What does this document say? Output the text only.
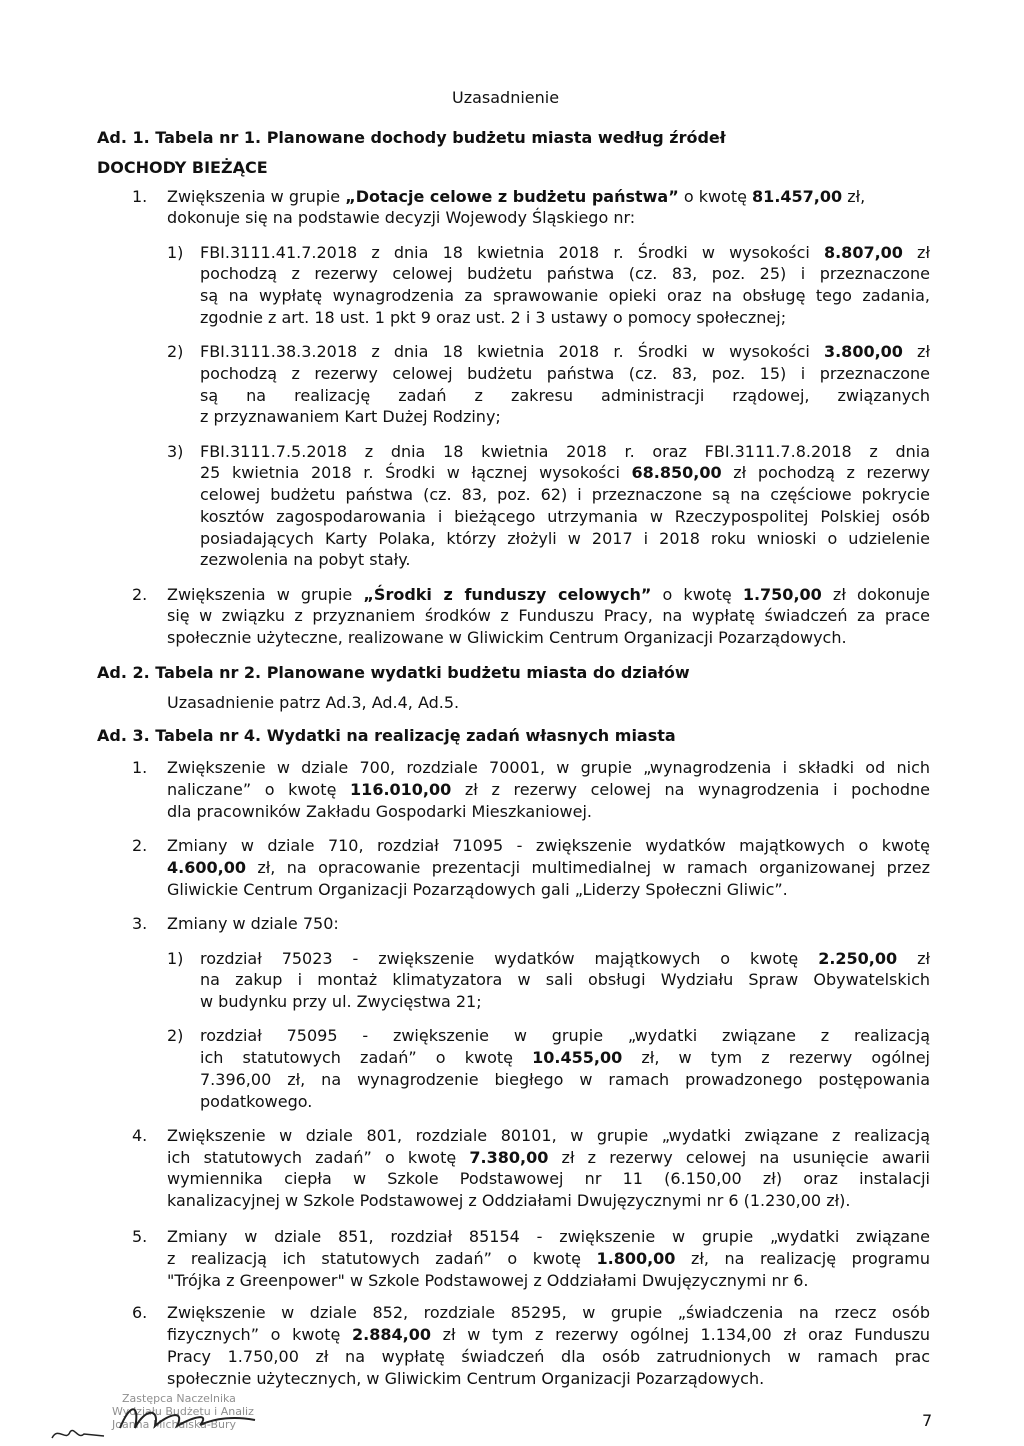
Uzasadnienie
Ad. 1. Tabela nr 1. Planowane dochody budżetu miasta według źródeł
DOCHODY BIEŻĄCE
1. Zwiększenia w grupie „Dotacje celowe z budżetu państwa” o kwotę 81.457,00 zł,
dokonuje się na podstawie decyzji Wojewody Śląskiego nr:
1) FBI.3111.41.7.2018 z dnia 18 kwietnia 2018 r. Środki w wysokości 8.807,00 zł
pochodzą z rezerwy celowej budżetu państwa (cz. 83, poz. 25) i przeznaczone
są na wypłatę wynagrodzenia za sprawowanie opieki oraz na obsługę tego zadania,
zgodnie z art. 18 ust. 1 pkt 9 oraz ust. 2 i 3 ustawy o pomocy społecznej;
2) FBI.3111.38.3.2018 z dnia 18 kwietnia 2018 r. Środki w wysokości 3.800,00 zł
pochodzą z rezerwy celowej budżetu państwa (cz. 83, poz. 15) i przeznaczone
są na realizację zadań z zakresu administracji rządowej, związanych
z przyznawaniem Kart Dużej Rodziny;
3) FBI.3111.7.5.2018 z dnia 18 kwietnia 2018 r. oraz FBI.3111.7.8.2018 z dnia
25 kwietnia 2018 r. Środki w łącznej wysokości 68.850,00 zł pochodzą z rezerwy
celowej budżetu państwa (cz. 83, poz. 62) i przeznaczone są na częściowe pokrycie
kosztów zagospodarowania i bieżącego utrzymania w Rzeczypospolitej Polskiej osób
posiadających Karty Polaka, którzy złożyli w 2017 i 2018 roku wnioski o udzielenie
zezwolenia na pobyt stały.
2. Zwiększenia w grupie „Środki z funduszy celowych” o kwotę 1.750,00 zł dokonuje
się w związku z przyznaniem środków z Funduszu Pracy, na wypłatę świadczeń za prace
społecznie użyteczne, realizowane w Gliwickim Centrum Organizacji Pozarządowych.
Ad. 2. Tabela nr 2. Planowane wydatki budżetu miasta do działów
Uzasadnienie patrz Ad.3, Ad.4, Ad.5.
Ad. 3. Tabela nr 4. Wydatki na realizację zadań własnych miasta
1. Zwiększenie w dziale 700, rozdziale 70001, w grupie „wynagrodzenia i składki od nich
naliczane” o kwotę 116.010,00 zł z rezerwy celowej na wynagrodzenia i pochodne
dla pracowników Zakładu Gospodarki Mieszkaniowej.
2. Zmiany w dziale 710, rozdział 71095 - zwiększenie wydatków majątkowych o kwotę
4.600,00 zł, na opracowanie prezentacji multimedialnej w ramach organizowanej przez
Gliwickie Centrum Organizacji Pozarządowych gali „Liderzy Społeczni Gliwic”.
3. Zmiany w dziale 750:
1) rozdział 75023 - zwiększenie wydatków majątkowych o kwotę 2.250,00 zł
na zakup i montaż klimatyzatora w sali obsługi Wydziału Spraw Obywatelskich
w budynku przy ul. Zwycięstwa 21;
2) rozdział 75095 - zwiększenie w grupie „wydatki związane z realizacją
ich statutowych zadań” o kwotę 10.455,00 zł, w tym z rezerwy ogólnej
7.396,00 zł, na wynagrodzenie biegłego w ramach prowadzonego postępowania
podatkowego.
4. Zwiększenie w dziale 801, rozdziale 80101, w grupie „wydatki związane z realizacją
ich statutowych zadań” o kwotę 7.380,00 zł z rezerwy celowej na usunięcie awarii
wymiennika ciepła w Szkole Podstawowej nr 11 (6.150,00 zł) oraz instalacji
kanalizacyjnej w Szkole Podstawowej z Oddziałami Dwujęzycznymi nr 6 (1.230,00 zł).
5. Zmiany w dziale 851, rozdział 85154 - zwiększenie w grupie „wydatki związane
z realizacją ich statutowych zadań” o kwotę 1.800,00 zł, na realizację programu
"Trójka z Greenpower" w Szkole Podstawowej z Oddziałami Dwujęzycznymi nr 6.
6. Zwiększenie w dziale 852, rozdziale 85295, w grupie „świadczenia na rzecz osób
fizycznych” o kwotę 2.884,00 zł w tym z rezerwy ogólnej 1.134,00 zł oraz Funduszu
Pracy 1.750,00 zł na wypłatę świadczeń dla osób zatrudnionych w ramach prac
społecznie użytecznych, w Gliwickim Centrum Organizacji Pozarządowych.
Zastępca Naczelnika
Wydziału Budżetu i Analiz
Joanna Michalska-Bury	7
